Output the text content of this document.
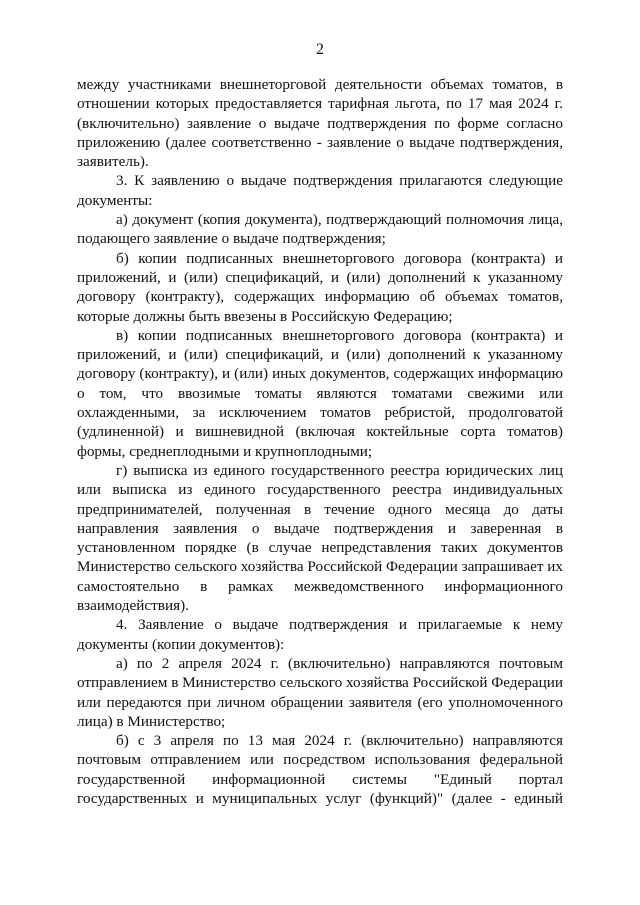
2

между участниками внешнеторговой деятельности объемах томатов, в отношении которых предоставляется тарифная льгота, по 17 мая 2024 г. (включительно) заявление о выдаче подтверждения по форме согласно приложению (далее соответственно - заявление о выдаче подтверждения, заявитель).

3. К заявлению о выдаче подтверждения прилагаются следующие документы:

а) документ (копия документа), подтверждающий полномочия лица, подающего заявление о выдаче подтверждения;

б) копии подписанных внешнеторгового договора (контракта) и приложений, и (или) спецификаций, и (или) дополнений к указанному договору (контракту), содержащих информацию об объемах томатов, которые должны быть ввезены в Российскую Федерацию;

в) копии подписанных внешнеторгового договора (контракта) и приложений, и (или) спецификаций, и (или) дополнений к указанному договору (контракту), и (или) иных документов, содержащих информацию о том, что ввозимые томаты являются томатами свежими или охлажденными, за исключением томатов ребристой, продолговатой (удлиненной) и вишневидной (включая коктейльные сорта томатов) формы, среднеплодными и крупноплодными;

г) выписка из единого государственного реестра юридических лиц или выписка из единого государственного реестра индивидуальных предпринимателей, полученная в течение одного месяца до даты направления заявления о выдаче подтверждения и заверенная в установленном порядке (в случае непредставления таких документов Министерство сельского хозяйства Российской Федерации запрашивает их самостоятельно в рамках межведомственного информационного взаимодействия).

4. Заявление о выдаче подтверждения и прилагаемые к нему документы (копии документов):

а) по 2 апреля 2024 г. (включительно) направляются почтовым отправлением в Министерство сельского хозяйства Российской Федерации или передаются при личном обращении заявителя (его уполномоченного лица) в Министерство;

б) с 3 апреля по 13 мая 2024 г. (включительно) направляются почтовым отправлением или посредством использования федеральной государственной информационной системы "Единый портал государственных и муниципальных услуг (функций)" (далее - единый
